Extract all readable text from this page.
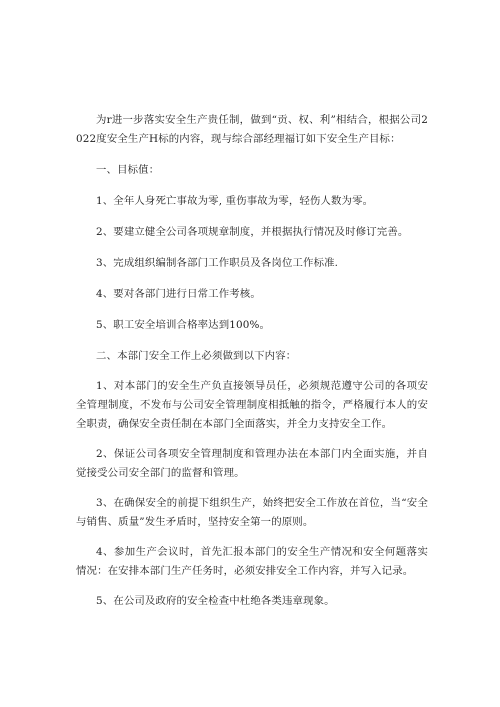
为r进一步落实安全生产贵任制，做到“贡、权、利”相结合，根据公司2022度安全生产H标的内容，现与综合部经理福订如下安全生产目标：

一、目标值：

1、全年人身死亡事故为零, 重伤事故为零，轻伤人数为零。

2、要建立健全公司各项规章制度，并根据执行情况及时修订完善。

3、完成组织编制各部门工作职员及各岗位工作标准.

4、要对各部门进行日常工作考核。

5、职工安全培训合格率达到100%。

二、本部门安全工作上必须做到以下内容：

1、对本部门的安全生产负直接领导员任，必须规范遵守公司的各项安全管理制度，不发布与公司安全管理制度相抵触的指令，严格履行本人的安全职责，确保安全责任制在本部门全面落实，并全力支持安全工作。

2、保证公司各项安全管理制度和管理办法在本部门内全面实施，并自觉接受公司安全部门的监督和管理。

3、在确保安全的前提下组织生产，始终把安全工作放在首位，当“安全与销售、质量”发生矛盾时，坚持安全第一的原则。

4、参加生产会议时，首先汇报本部门的安全生产情况和安全何题落实情况：在安排本部门生产任务时，必须安排安全工作内容，并写入记录。

5、在公司及政府的安全检查中杜绝各类违章现象。
